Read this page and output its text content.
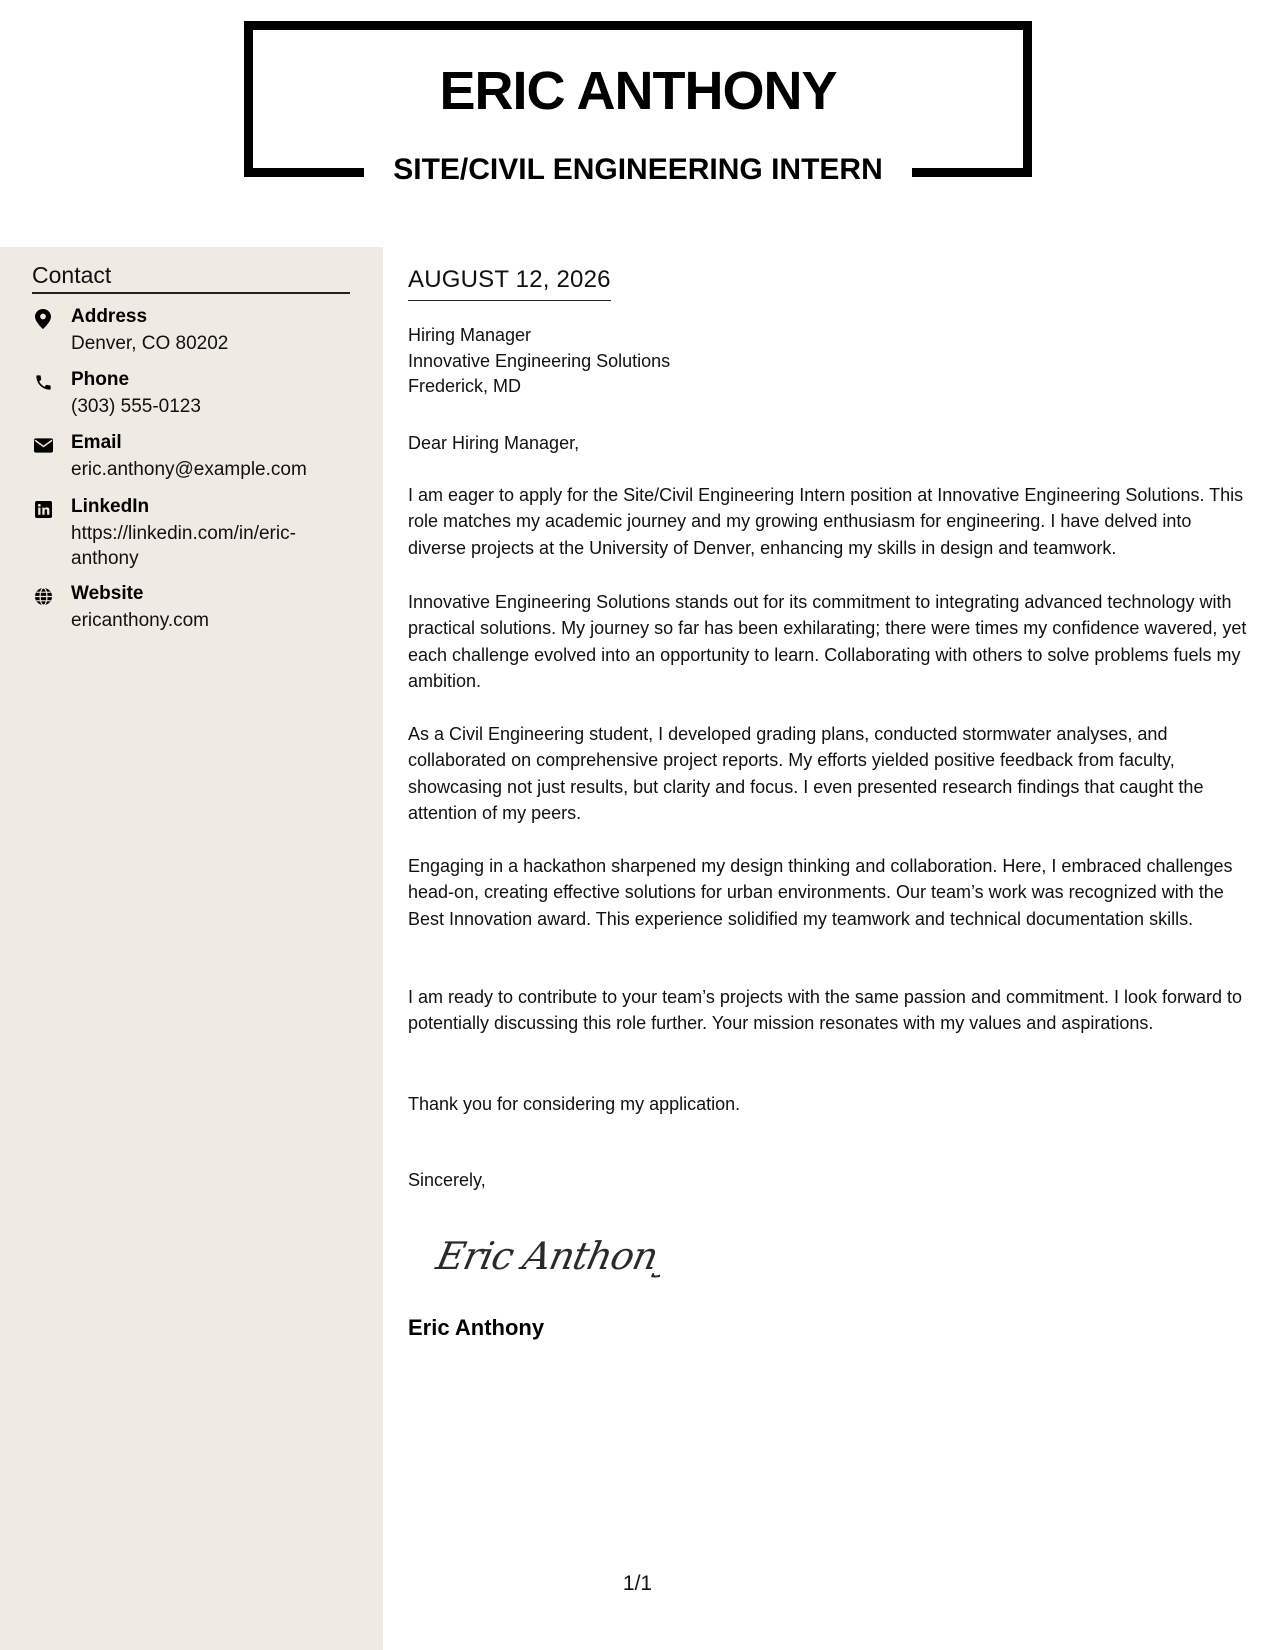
ERIC ANTHONY
SITE/CIVIL ENGINEERING INTERN
Contact
Address
Denver, CO 80202
Phone
(303) 555-0123
Email
eric.anthony@example.com
LinkedIn
https://linkedin.com/in/eric-anthony
Website
ericanthony.com
AUGUST 12, 2026
Hiring Manager
Innovative Engineering Solutions
Frederick, MD
Dear Hiring Manager,
I am eager to apply for the Site/Civil Engineering Intern position at Innovative Engineering Solutions. This role matches my academic journey and my growing enthusiasm for engineering. I have delved into diverse projects at the University of Denver, enhancing my skills in design and teamwork.
Innovative Engineering Solutions stands out for its commitment to integrating advanced technology with practical solutions. My journey so far has been exhilarating; there were times my confidence wavered, yet each challenge evolved into an opportunity to learn. Collaborating with others to solve problems fuels my ambition.
As a Civil Engineering student, I developed grading plans, conducted stormwater analyses, and collaborated on comprehensive project reports. My efforts yielded positive feedback from faculty, showcasing not just results, but clarity and focus. I even presented research findings that caught the attention of my peers.
Engaging in a hackathon sharpened my design thinking and collaboration. Here, I embraced challenges head-on, creating effective solutions for urban environments. Our team’s work was recognized with the Best Innovation award. This experience solidified my teamwork and technical documentation skills.
I am ready to contribute to your team’s projects with the same passion and commitment. I look forward to potentially discussing this role further. Your mission resonates with my values and aspirations.
Thank you for considering my application.
Sincerely,
Eric Anthony
Eric Anthony
1/1
